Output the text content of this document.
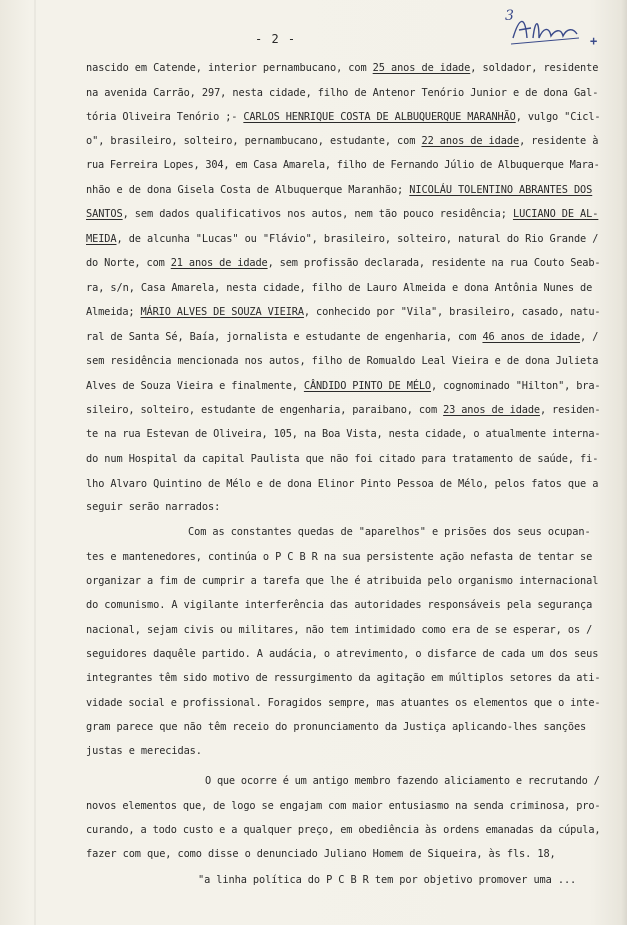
- 2 -
3
+
nascido em Catende, interior pernambucano, com 25 anos de idade, soldador, residente
na avenida Carrão, 297, nesta cidade, filho de Antenor Tenório Junior e de dona Gal-
tória Oliveira Tenório ;- CARLOS HENRIQUE COSTA DE ALBUQUERQUE MARANHÃO, vulgo "Cicl-
o", brasileiro, solteiro, pernambucano, estudante, com 22 anos de idade, residente à
rua Ferreira Lopes, 304, em Casa Amarela, filho de Fernando Júlio de Albuquerque Mara-
nhão e de dona Gisela Costa de Albuquerque Maranhão; NICOLÁU TOLENTINO ABRANTES DOS
SANTOS, sem dados qualificativos nos autos, nem tão pouco residência; LUCIANO DE AL-
MEIDA, de alcunha "Lucas" ou "Flávio", brasileiro, solteiro, natural do Rio Grande /
do Norte, com 21 anos de idade, sem profissão declarada, residente na rua Couto Seab-
ra, s/n, Casa Amarela, nesta cidade, filho de Lauro Almeida e dona Antônia Nunes de
Almeida; MÁRIO ALVES DE SOUZA VIEIRA, conhecido por "Vila", brasileiro, casado, natu-
ral de Santa Sé, Baía, jornalista e estudante de engenharia, com 46 anos de idade, /
sem residência mencionada nos autos, filho de Romualdo Leal Vieira e de dona Julieta
Alves de Souza Vieira e finalmente, CÂNDIDO PINTO DE MÉLO, cognominado "Hilton", bra-
sileiro, solteiro, estudante de engenharia, paraibano, com 23 anos de idade, residen-
te na rua Estevan de Oliveira, 105, na Boa Vista, nesta cidade, o atualmente interna-
do num Hospital da capital Paulista que não foi citado para tratamento de saúde, fi-
lho Alvaro Quintino de Mélo e de dona Elinor Pinto Pessoa de Mélo, pelos fatos que a
seguir serão narrados:
Com as constantes quedas de "aparelhos" e prisões dos seus ocupan-
tes e mantenedores, continúa o P C B R na sua persistente ação nefasta de tentar se
organizar a fim de cumprir a tarefa que lhe é atribuida pelo organismo internacional
do comunismo. A vigilante interferência das autoridades responsáveis pela segurança
nacional, sejam civis ou militares, não tem intimidado como era de se esperar, os /
seguidores daquêle partido. A audácia, o atrevimento, o disfarce de cada um dos seus
integrantes têm sido motivo de ressurgimento da agitação em múltiplos setores da ati-
vidade social e profissional. Foragidos sempre, mas atuantes os elementos que o inte-
gram parece que não têm receio do pronunciamento da Justiça aplicando-lhes sanções
justas e merecidas.
O que ocorre é um antigo membro fazendo aliciamento e recrutando /
novos elementos que, de logo se engajam com maior entusiasmo na senda criminosa, pro-
curando, a todo custo e a qualquer preço, em obediência às ordens emanadas da cúpula,
fazer com que, como disse o denunciado Juliano Homem de Siqueira, às fls. 18,
"a linha política do P C B R tem por objetivo promover uma ...
